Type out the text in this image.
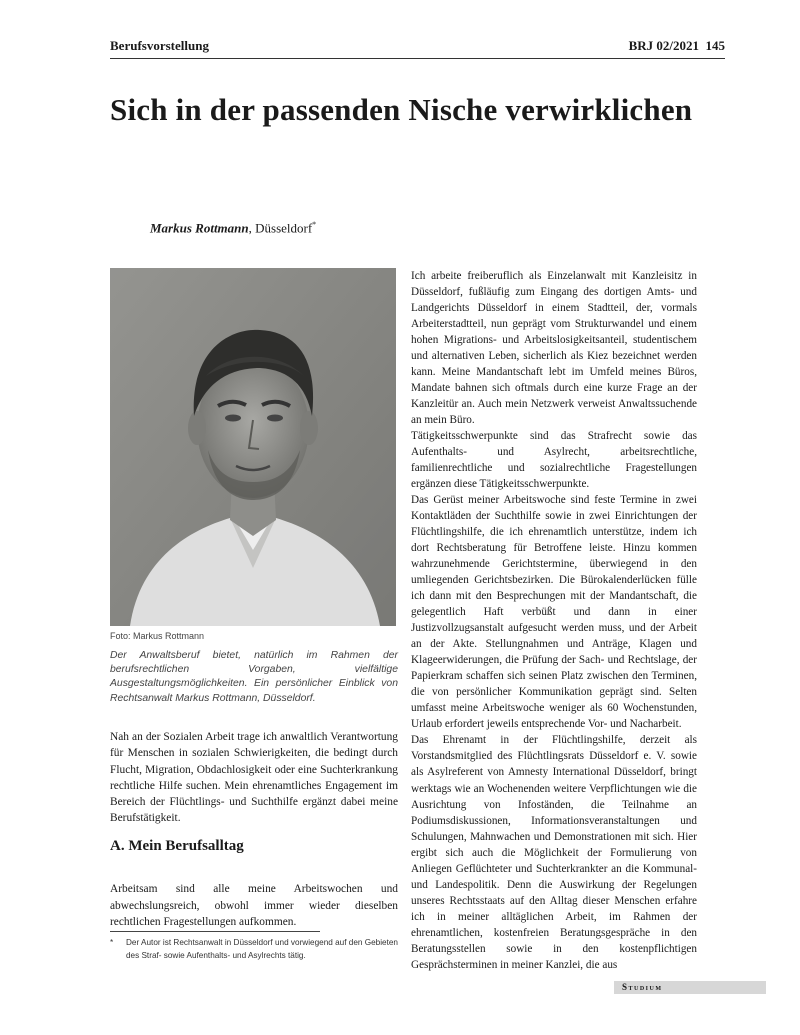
Berufsvorstellung	BRJ 02/2021 145
Sich in der passenden Nische verwirklichen
Markus Rottmann, Düsseldorf*
Foto: Markus Rottmann
Der Anwaltsberuf bietet, natürlich im Rahmen der berufsrechtlichen Vorgaben, vielfältige Ausgestaltungsmöglichkeiten. Ein persönlicher Einblick von Rechtsanwalt Markus Rottmann, Düsseldorf.

Nah an der Sozialen Arbeit trage ich anwaltlich Verantwortung für Menschen in sozialen Schwierigkeiten, die bedingt durch Flucht, Migration, Obdachlosigkeit oder eine Suchterkrankung rechtliche Hilfe suchen. Mein ehrenamtliches Engagement im Bereich der Flüchtlings- und Suchthilfe ergänzt dabei meine Berufstätigkeit.

A. Mein Berufsalltag

Arbeitsam sind alle meine Arbeitswochen und abwechslungsreich, obwohl immer wieder dieselben rechtlichen Fragestellungen aufkommen.

*	Der Autor ist Rechtsanwalt in Düsseldorf und vorwiegend auf den Gebieten des Straf- sowie Aufenthalts- und Asylrechts tätig.

Ich arbeite freiberuflich als Einzelanwalt mit Kanzleisitz in Düsseldorf, fußläufig zum Eingang des dortigen Amts- und Landgerichts Düsseldorf in einem Stadtteil, der, vormals Arbeiterstadtteil, nun geprägt vom Strukturwandel und einem hohen Migrations- und Arbeitslosigkeitsanteil, studentischem und alternativen Leben, sicherlich als Kiez bezeichnet werden kann. Meine Mandantschaft lebt im Umfeld meines Büros, Mandate bahnen sich oftmals durch eine kurze Frage an der Kanzleitür an. Auch mein Netzwerk verweist Anwaltssuchende an mein Büro.

Tätigkeitsschwerpunkte sind das Strafrecht sowie das Aufenthalts- und Asylrecht, arbeitsrechtliche, familienrechtliche und sozialrechtliche Fragestellungen ergänzen diese Tätigkeitsschwerpunkte.

Das Gerüst meiner Arbeitswoche sind feste Termine in zwei Kontaktläden der Suchthilfe sowie in zwei Einrichtungen der Flüchtlingshilfe, die ich ehrenamtlich unterstütze, indem ich dort Rechtsberatung für Betroffene leiste. Hinzu kommen wahrzunehmende Gerichtstermine, überwiegend in den umliegenden Gerichtsbezirken. Die Bürokalenderlücken fülle ich dann mit den Besprechungen mit der Mandantschaft, die gelegentlich Haft verbüßt und dann in einer Justizvollzugsanstalt aufgesucht werden muss, und der Arbeit an der Akte. Stellungnahmen und Anträge, Klagen und Klageerwiderungen, die Prüfung der Sach- und Rechtslage, der Papierkram schaffen sich seinen Platz zwischen den Terminen, die von persönlicher Kommunikation geprägt sind. Selten umfasst meine Arbeitswoche weniger als 60 Wochenstunden, Urlaub erfordert jeweils entsprechende Vor- und Nacharbeit.

Das Ehrenamt in der Flüchtlingshilfe, derzeit als Vorstandsmitglied des Flüchtlingsrats Düsseldorf e. V. sowie als Asylreferent von Amnesty International Düsseldorf, bringt werktags wie an Wochenenden weitere Verpflichtungen wie die Ausrichtung von Infoständen, die Teilnahme an Podiumsdiskussionen, Informationsveranstaltungen und Schulungen, Mahnwachen und Demonstrationen mit sich. Hier ergibt sich auch die Möglichkeit der Formulierung von Anliegen Geflüchteter und Suchterkrankter an die Kommunal- und Landespolitik. Denn die Auswirkung der Regelungen unseres Rechtsstaats auf den Alltag dieser Menschen erfahre ich in meiner alltäglichen Arbeit, im Rahmen der ehrenamtlichen, kostenfreien Beratungsgespräche in den Beratungsstellen sowie in den kostenpflichtigen Gesprächsterminen in meiner Kanzlei, die aus

Studium
